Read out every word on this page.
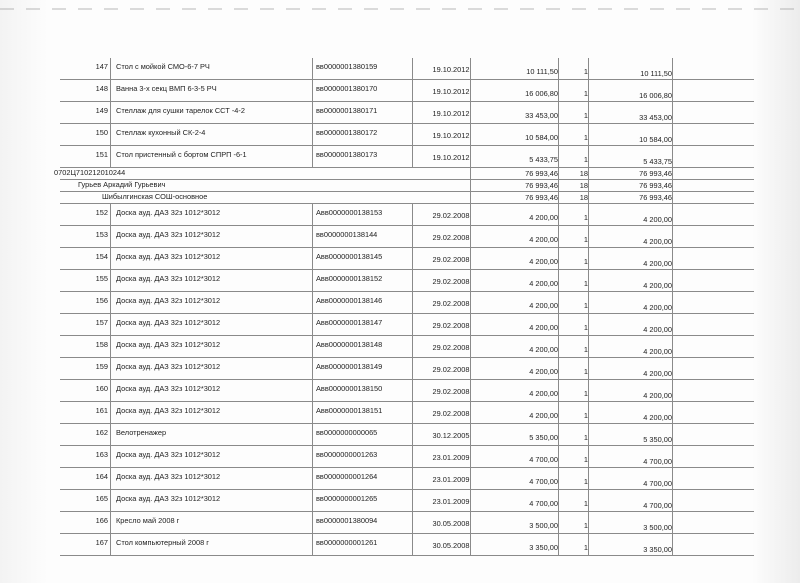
147 Стол с мойкой СМО-6-7 РЧ	вв0000001380159	19.10.2012	10 111,50	1	10 111,50
148 Ванна 3-х секц ВМП 6-3-5 РЧ	вв0000001380170	19.10.2012	16 006,80	1	16 006,80
149 Стеллаж для сушки тарелок ССТ -4-2	вв0000001380171	19.10.2012	33 453,00	1	33 453,00
150 Стеллаж кухонный СК-2-4	вв0000001380172	19.10.2012	10 584,00	1	10 584,00
151 Стол пристенный с бортом СПРП -6-1	вв0000001380173	19.10.2012	5 433,75	1	5 433,75
0702Ц710212010244	76 993,46	18	76 993,46
Гурьев Аркадий Гурьевич	76 993,46	18	76 993,46
Шибылгинская СОШ-основное	76 993,46	18	76 993,46
152 Доска ауд. ДАЗ 32з 1012*3012	Авв0000000138153	29.02.2008	4 200,00	1	4 200,00
153 Доска ауд. ДАЗ 32з 1012*3012	вв0000000138144	29.02.2008	4 200,00	1	4 200,00
154 Доска ауд. ДАЗ 32з 1012*3012	Авв0000000138145	29.02.2008	4 200,00	1	4 200,00
155 Доска ауд. ДАЗ 32з 1012*3012	Авв0000000138152	29.02.2008	4 200,00	1	4 200,00
156 Доска ауд. ДАЗ 32з 1012*3012	Авв0000000138146	29.02.2008	4 200,00	1	4 200,00
157 Доска ауд. ДАЗ 32з 1012*3012	Авв0000000138147	29.02.2008	4 200,00	1	4 200,00
158 Доска ауд. ДАЗ 32з 1012*3012	Авв0000000138148	29.02.2008	4 200,00	1	4 200,00
159 Доска ауд. ДАЗ 32з 1012*3012	Авв0000000138149	29.02.2008	4 200,00	1	4 200,00
160 Доска ауд. ДАЗ 32з 1012*3012	Авв0000000138150	29.02.2008	4 200,00	1	4 200,00
161 Доска ауд. ДАЗ 32з 1012*3012	Авв0000000138151	29.02.2008	4 200,00	1	4 200,00
162 Велотренажер	вв0000000000065	30.12.2005	5 350,00	1	5 350,00
163 Доска ауд. ДАЗ 32з 1012*3012	вв0000000001263	23.01.2009	4 700,00	1	4 700,00
164 Доска ауд. ДАЗ 32з 1012*3012	вв0000000001264	23.01.2009	4 700,00	1	4 700,00
165 Доска ауд. ДАЗ 32з 1012*3012	вв0000000001265	23.01.2009	4 700,00	1	4 700,00
166 Кресло май 2008 г	вв0000001380094	30.05.2008	3 500,00	1	3 500,00
167 Стол компьютерный 2008 г	вв0000000001261	30.05.2008	3 350,00	1	3 350,00
